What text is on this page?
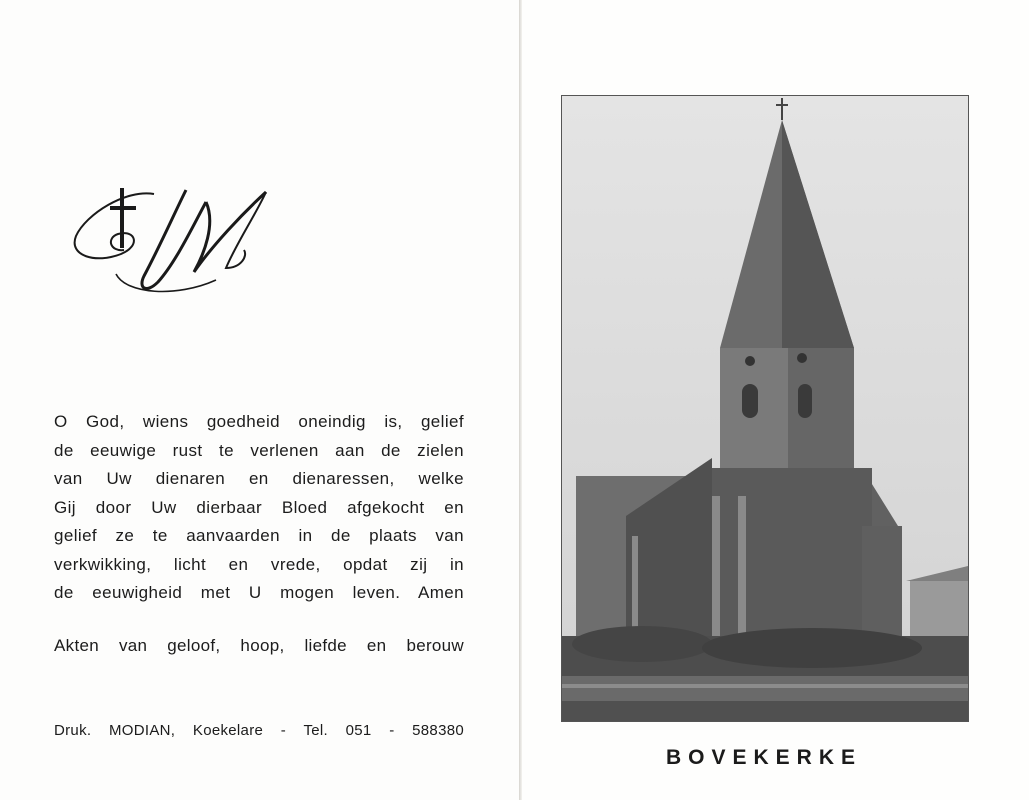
O God, wiens goedheid oneindig is, gelief
de eeuwige rust te verlenen aan de zielen
van Uw dienaren en dienaressen, welke
Gij door Uw dierbaar Bloed afgekocht en
gelief ze te aanvaarden in de plaats van
verkwikking, licht en vrede, opdat zij in
de eeuwigheid met U mogen leven. Amen
Akten van geloof, hoop, liefde en berouw
Druk. MODIAN, Koekelare - Tel. 051 - 588380
BOVEKERKE
